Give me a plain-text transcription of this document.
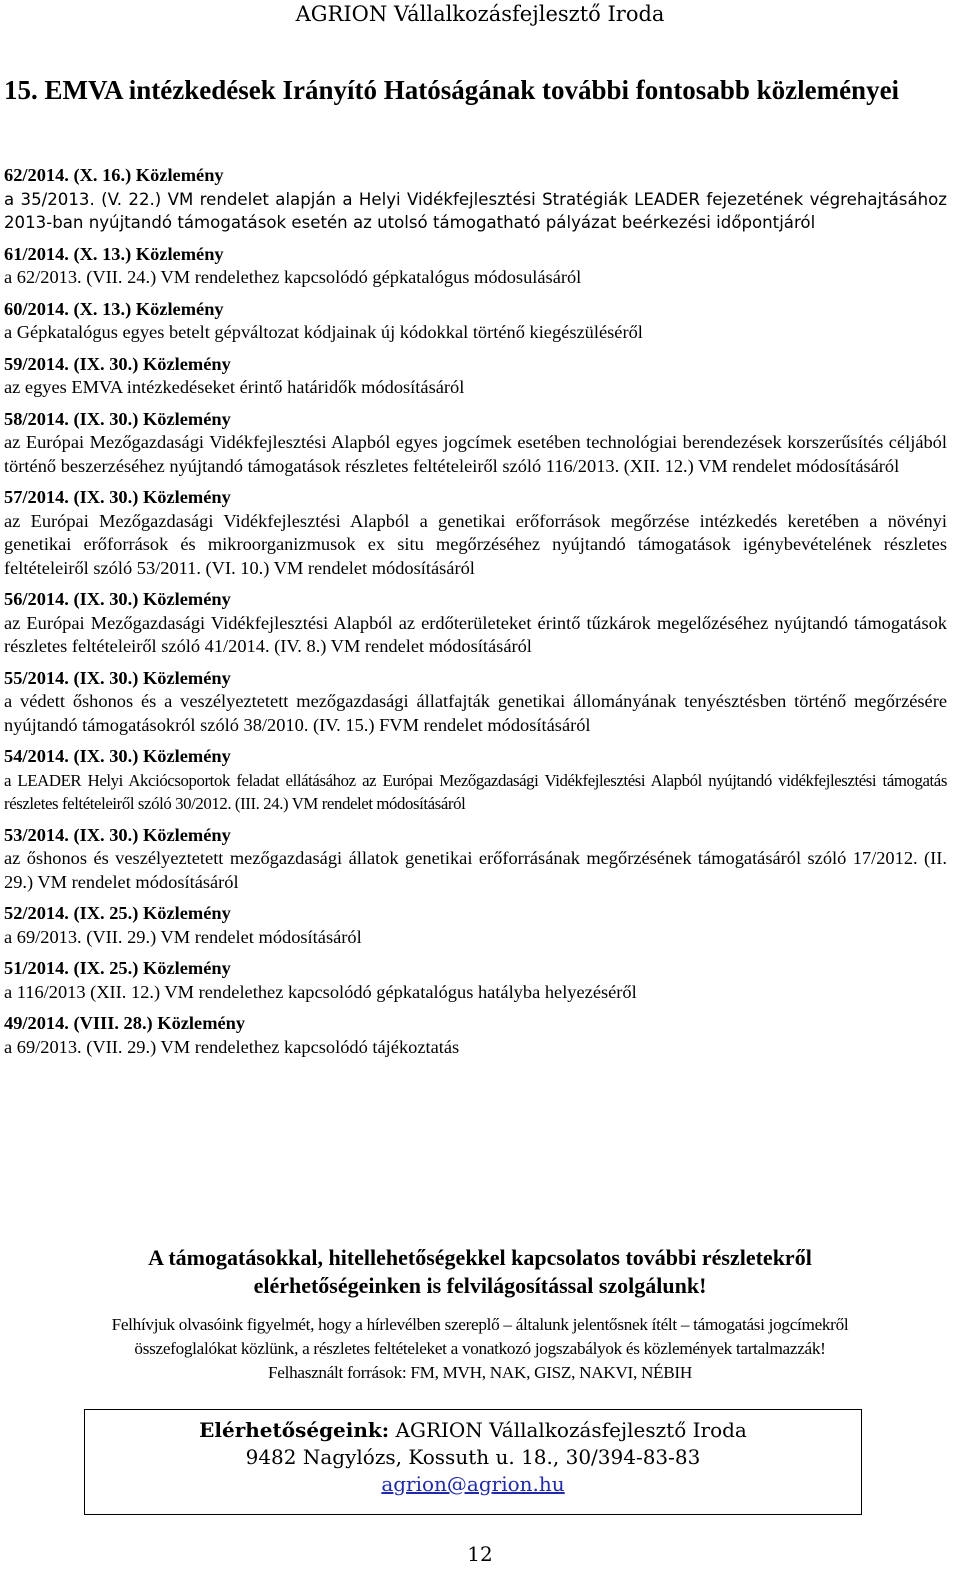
AGRION Vállalkozásfejlesztő Iroda
15. EMVA intézkedések Irányító Hatóságának további fontosabb közleményei
62/2014. (X. 16.) Közlemény
a 35/2013. (V. 22.) VM rendelet alapján a Helyi Vidékfejlesztési Stratégiák LEADER fejezetének végrehajtásához 2013-ban nyújtandó támogatások esetén az utolsó támogatható pályázat beérkezési időpontjáról
61/2014. (X. 13.) Közlemény
a 62/2013. (VII. 24.) VM rendelethez kapcsolódó gépkatalógus módosulásáról
60/2014. (X. 13.) Közlemény
a Gépkatalógus egyes betelt gépváltozat kódjainak új kódokkal történő kiegészüléséről
59/2014. (IX. 30.) Közlemény
az egyes EMVA intézkedéseket érintő határidők módosításáról
58/2014. (IX. 30.) Közlemény
az Európai Mezőgazdasági Vidékfejlesztési Alapból egyes jogcímek esetében technológiai berendezések korszerűsítés céljából történő beszerzéséhez nyújtandó támogatások részletes feltételeiről szóló 116/2013. (XII. 12.) VM rendelet módosításáról
57/2014. (IX. 30.) Közlemény
az Európai Mezőgazdasági Vidékfejlesztési Alapból a genetikai erőforrások megőrzése intézkedés keretében a növényi genetikai erőforrások és mikroorganizmusok ex situ megőrzéséhez nyújtandó támogatások igénybevételének részletes feltételeiről szóló 53/2011. (VI. 10.) VM rendelet módosításáról
56/2014. (IX. 30.) Közlemény
az Európai Mezőgazdasági Vidékfejlesztési Alapból az erdőterületeket érintő tűzkárok megelőzéséhez nyújtandó támogatások részletes feltételeiről szóló 41/2014. (IV. 8.) VM rendelet módosításáról
55/2014. (IX. 30.) Közlemény
a védett őshonos és a veszélyeztetett mezőgazdasági állatfajták genetikai állományának tenyésztésben történő megőrzésére nyújtandó támogatásokról szóló 38/2010. (IV. 15.) FVM rendelet módosításáról
54/2014. (IX. 30.) Közlemény
a LEADER Helyi Akciócsoportok feladat ellátásához az Európai Mezőgazdasági Vidékfejlesztési Alapból nyújtandó vidékfejlesztési támogatás részletes feltételeiről szóló 30/2012. (III. 24.) VM rendelet módosításáról
53/2014. (IX. 30.) Közlemény
az őshonos és veszélyeztetett mezőgazdasági állatok genetikai erőforrásának megőrzésének támogatásáról szóló 17/2012. (II. 29.) VM rendelet módosításáról
52/2014. (IX. 25.) Közlemény
a 69/2013. (VII. 29.) VM rendelet módosításáról
51/2014. (IX. 25.) Közlemény
a 116/2013 (XII. 12.) VM rendelethez kapcsolódó gépkatalógus hatályba helyezéséről
49/2014. (VIII. 28.) Közlemény
a 69/2013. (VII. 29.) VM rendelethez kapcsolódó tájékoztatás
A támogatásokkal, hitellehetőségekkel kapcsolatos további részletekről
elérhetőségeinken is felvilágosítással szolgálunk!
Felhívjuk olvasóink figyelmét, hogy a hírlevélben szereplő – általunk jelentősnek ítélt – támogatási jogcímekről
összefoglalókat közlünk, a részletes feltételeket a vonatkozó jogszabályok és közlemények tartalmazzák!
Felhasznált források: FM, MVH, NAK, GISZ, NAKVI, NÉBIH
Elérhetőségeink: AGRION Vállalkozásfejlesztő Iroda
9482 Nagylózs, Kossuth u. 18., 30/394-83-83
agrion@agrion.hu
12
